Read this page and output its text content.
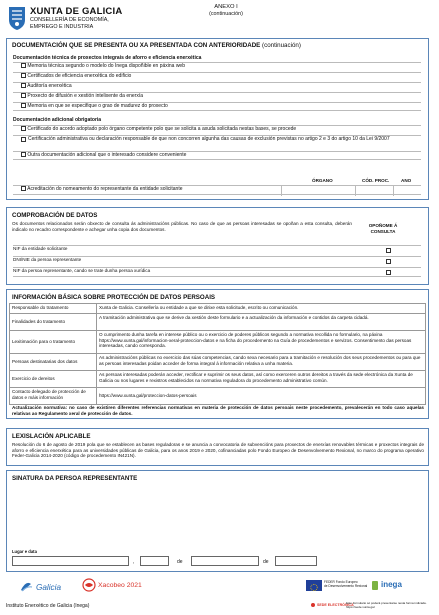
XUNTA DE GALICIA
CONSELLERÍA DE ECONOMÍA,
EMPREGO E INDUSTRIA
ANEXO I
(continuación)
DOCUMENTACIÓN QUE SE PRESENTA OU XA PRESENTADA CON ANTERIORIDADE (continuación)
Documentación técnica de proxectos integrais de aforro e eficiencia enerxética
Memoria técnica segundo o modelo do Inega dispoñible en páxina web
Certificados de eficiencia enerxética do edificio
Auditoría enerxética
Proxecto de difusión e xestión intelixente da enerxía
Memoria en que se especifique o grao de madurez do proxecto
Documentación adicional obrigatoria
Certificado do acordo adoptado polo órgano competente polo que se solicita a axuda solicitada nestas bases, se procede
Certificación administrativa ou declaración responsable de que non concorren algunha das causas de exclusión previstas no artigo 2 e 3 do artigo 10 da Lei 9/2007
Outra documentación adicional que o interesado considere conveniente
ÓRGANO	CÓD. PROC.	ANO
Acreditación do nomeamento do representante da entidade solicitante
COMPROBACIÓN DE DATOS
Os documentos relacionados serán obxecto de consulta ás administracións públicas. No caso de que as persoas interesadas se opoñan a esta consulta, deberán indicalo no recadro correspondente e achegar unha copia dos documentos.
OPOÑOME Á CONSULTA
NIF da entidade solicitante
DNI/NIE da persoa representante
NIF da persoa representante, cando se trate dunha persoa xurídica
INFORMACIÓN BÁSICA SOBRE PROTECCIÓN DE DATOS PERSOAIS
Responsable do tratamento	Xunta de Galicia. Consellería ou entidade a que se dirixe esta solicitude, escrito ou comunicación.
Finalidades do tratamento	A tramitación administrativa que se derive da xestión deste formulario e a actualización da información e contidos da carpeta cidadá.
Lexitimación para o tratamento	O cumprimento dunha tarefa en interese público ou o exercicio de poderes públicos segundo a normativa recollida no formulario, na páxina https://www.xunta.gal/informacion-xeral-proteccion-datos e na ficha do procedemento na Guía de procedementos e servizos. Consentimento das persoas interesadas, cando corresponda.
Persoas destinatarias dos datos	As administracións públicas no exercicio das súas competencias, cando sexa necesario para a tramitación e resolución dos seus procedementos ou para que as persoas interesadas poidan acceder de forma integral á información relativa a unha materia.
Exercicio de dereitos	As persoas interesadas poderán acceder, rectificar e suprimir os seus datos, así como exerceren outros dereitos a través da sede electrónica da Xunta de Galicia ou nos lugares e rexistros establecidos na normativa reguladora do procedemento administrativo común.
Contacto delegado de protección de datos e máis información	https://www.xunta.gal/proteccion-datos-persoais
Actualización normativa: no caso de existiren diferentes referencias normativas en materia de protección de datos persoais neste procedemento, prevalecerán en todo caso aquelas relativas ao Regulamento xeral de protección de datos.
LEXISLACIÓN APLICABLE
Resolución do 6 de agosto de 2019 pola que se establecen as bases reguladoras e se anuncia a convocatoria de subvencións para proxectos de enerxías renovables térmicas e proxectos integrais de aforro e eficiencia enerxética para as universidades públicas de Galicia, para os anos 2019 e 2020, cofinanciadas polo Fondo Europeo de Desenvolvemento Rexional, no marco do programa operativo Feder-Galicia 2014-2020 (código de procedemento IN421N).
SINATURA DA PERSOA REPRESENTANTE
Lugar e data
,	de	de
Galicia	Xacobeo 2021	FEDER Fondo Europeo
de Desenvolvemento Rexional inega
Instituto Enerxético de Galicia (Inega)	SEDE ELECTRÓNICA
Este formulario só poderá presentarse nesta forma indicada. https://sede.xunta.gal
